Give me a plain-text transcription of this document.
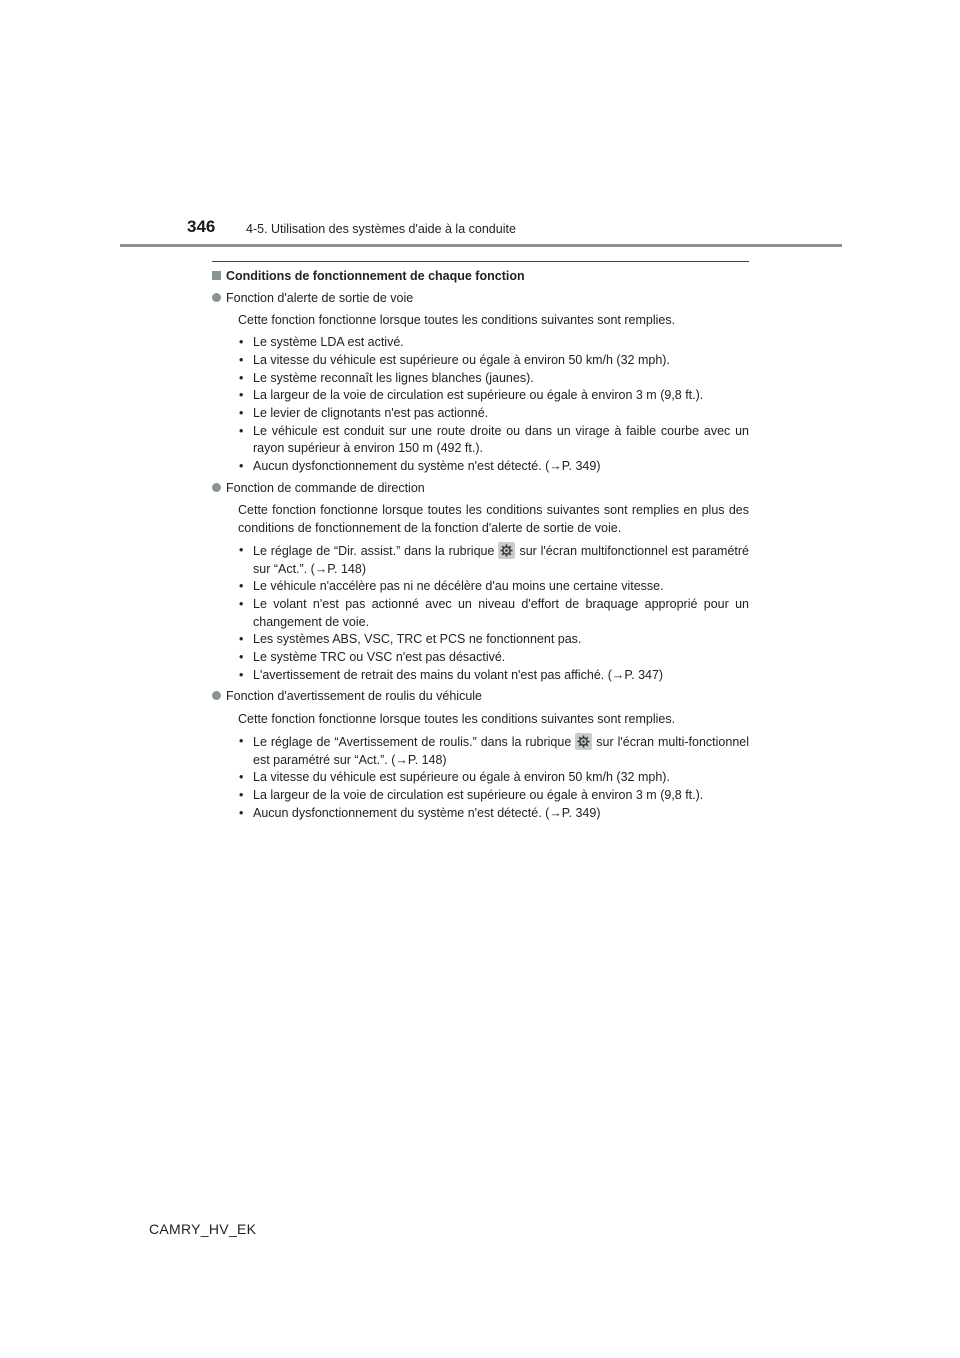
346 4-5. Utilisation des systèmes d'aide à la conduite

Conditions de fonctionnement de chaque fonction

Fonction d'alerte de sortie de voie

Cette fonction fonctionne lorsque toutes les conditions suivantes sont remplies.

• Le système LDA est activé.
• La vitesse du véhicule est supérieure ou égale à environ 50 km/h (32 mph).
• Le système reconnaît les lignes blanches (jaunes).
• La largeur de la voie de circulation est supérieure ou égale à environ 3 m (9,8 ft.).
• Le levier de clignotants n'est pas actionné.
• Le véhicule est conduit sur une route droite ou dans un virage à faible courbe avec un rayon supérieur à environ 150 m (492 ft.).
• Aucun dysfonctionnement du système n'est détecté. (→P. 349)

Fonction de commande de direction

Cette fonction fonctionne lorsque toutes les conditions suivantes sont remplies en plus des conditions de fonctionnement de la fonction d'alerte de sortie de voie.

• Le réglage de “Dir. assist.” dans la rubrique sur l'écran multifonctionnel est paramétré sur “Act.”. (→P. 148)
• Le véhicule n'accélère pas ni ne décélère d'au moins une certaine vitesse.
• Le volant n'est pas actionné avec un niveau d'effort de braquage approprié pour un changement de voie.
• Les systèmes ABS, VSC, TRC et PCS ne fonctionnent pas.
• Le système TRC ou VSC n'est pas désactivé.
• L'avertissement de retrait des mains du volant n'est pas affiché. (→P. 347)

Fonction d'avertissement de roulis du véhicule

Cette fonction fonctionne lorsque toutes les conditions suivantes sont remplies.

• Le réglage de “Avertissement de roulis.” dans la rubrique sur l'écran multi-fonctionnel est paramétré sur “Act.”. (→P. 148)
• La vitesse du véhicule est supérieure ou égale à environ 50 km/h (32 mph).
• La largeur de la voie de circulation est supérieure ou égale à environ 3 m (9,8 ft.).
• Aucun dysfonctionnement du système n'est détecté. (→P. 349)
CAMRY_HV_EK
